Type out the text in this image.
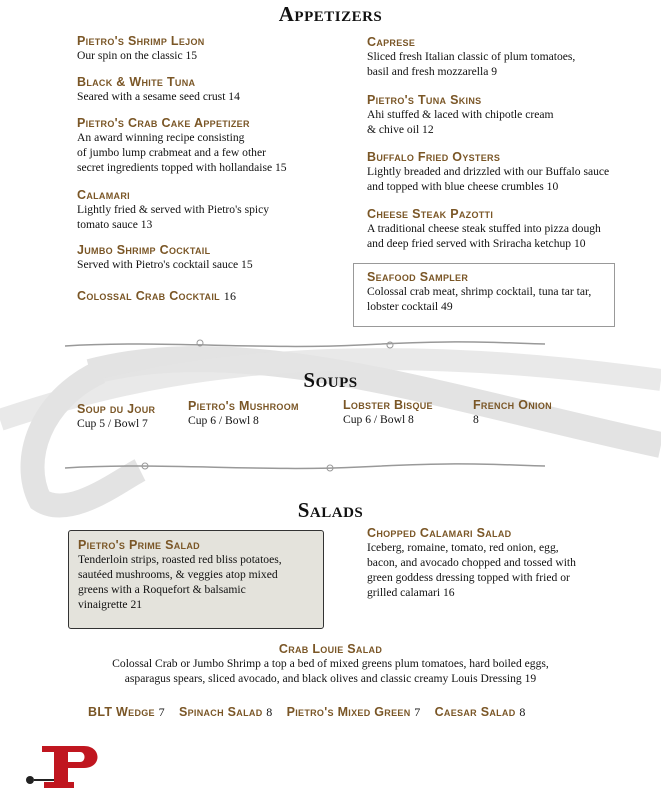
Appetizers
Pietro's Shrimp Lejon
Our spin on the classic 15
Black & White Tuna
Seared with a sesame seed crust 14
Pietro's Crab Cake Appetizer
An award winning recipe consisting
of jumbo lump crabmeat and a few other
secret ingredients topped with hollandaise 15
Calamari
Lightly fried & served with Pietro's spicy
tomato sauce 13
Jumbo Shrimp Cocktail
Served with Pietro's cocktail sauce 15
Colossal Crab Cocktail 16
Caprese
Sliced fresh Italian classic of plum tomatoes,
basil and fresh mozzarella 9
Pietro's Tuna Skins
Ahi stuffed & laced with chipotle cream
& chive oil 12
Buffalo Fried Oysters
Lightly breaded and drizzled with our Buffalo sauce
and topped with blue cheese crumbles 10
Cheese Steak Pazotti
A traditional cheese steak stuffed into pizza dough
and deep fried served with Sriracha ketchup 10
Seafood Sampler
Colossal crab meat, shrimp cocktail, tuna tar tar,
lobster cocktail 49
Soups
Soup du Jour
Cup 5 / Bowl 7
Pietro's Mushroom
Cup 6 / Bowl 8
Lobster Bisque
Cup 6 / Bowl 8
French Onion
8
Salads
Pietro's Prime Salad
Tenderloin strips, roasted red bliss potatoes,
sautéed mushrooms, & veggies atop mixed
greens with a Roquefort & balsamic
vinaigrette 21
Chopped Calamari Salad
Iceberg, romaine, tomato, red onion, egg,
bacon, and avocado chopped and tossed with
green goddess dressing topped with fried or
grilled calamari 16
Crab Louie Salad
Colossal Crab or Jumbo Shrimp a top a bed of mixed greens plum tomatoes, hard boiled eggs,
asparagus spears, sliced avocado, and black olives and classic creamy Louis Dressing 19
BLT Wedge 7 Spinach Salad 8 Pietro's Mixed Green 7 Caesar Salad 8
